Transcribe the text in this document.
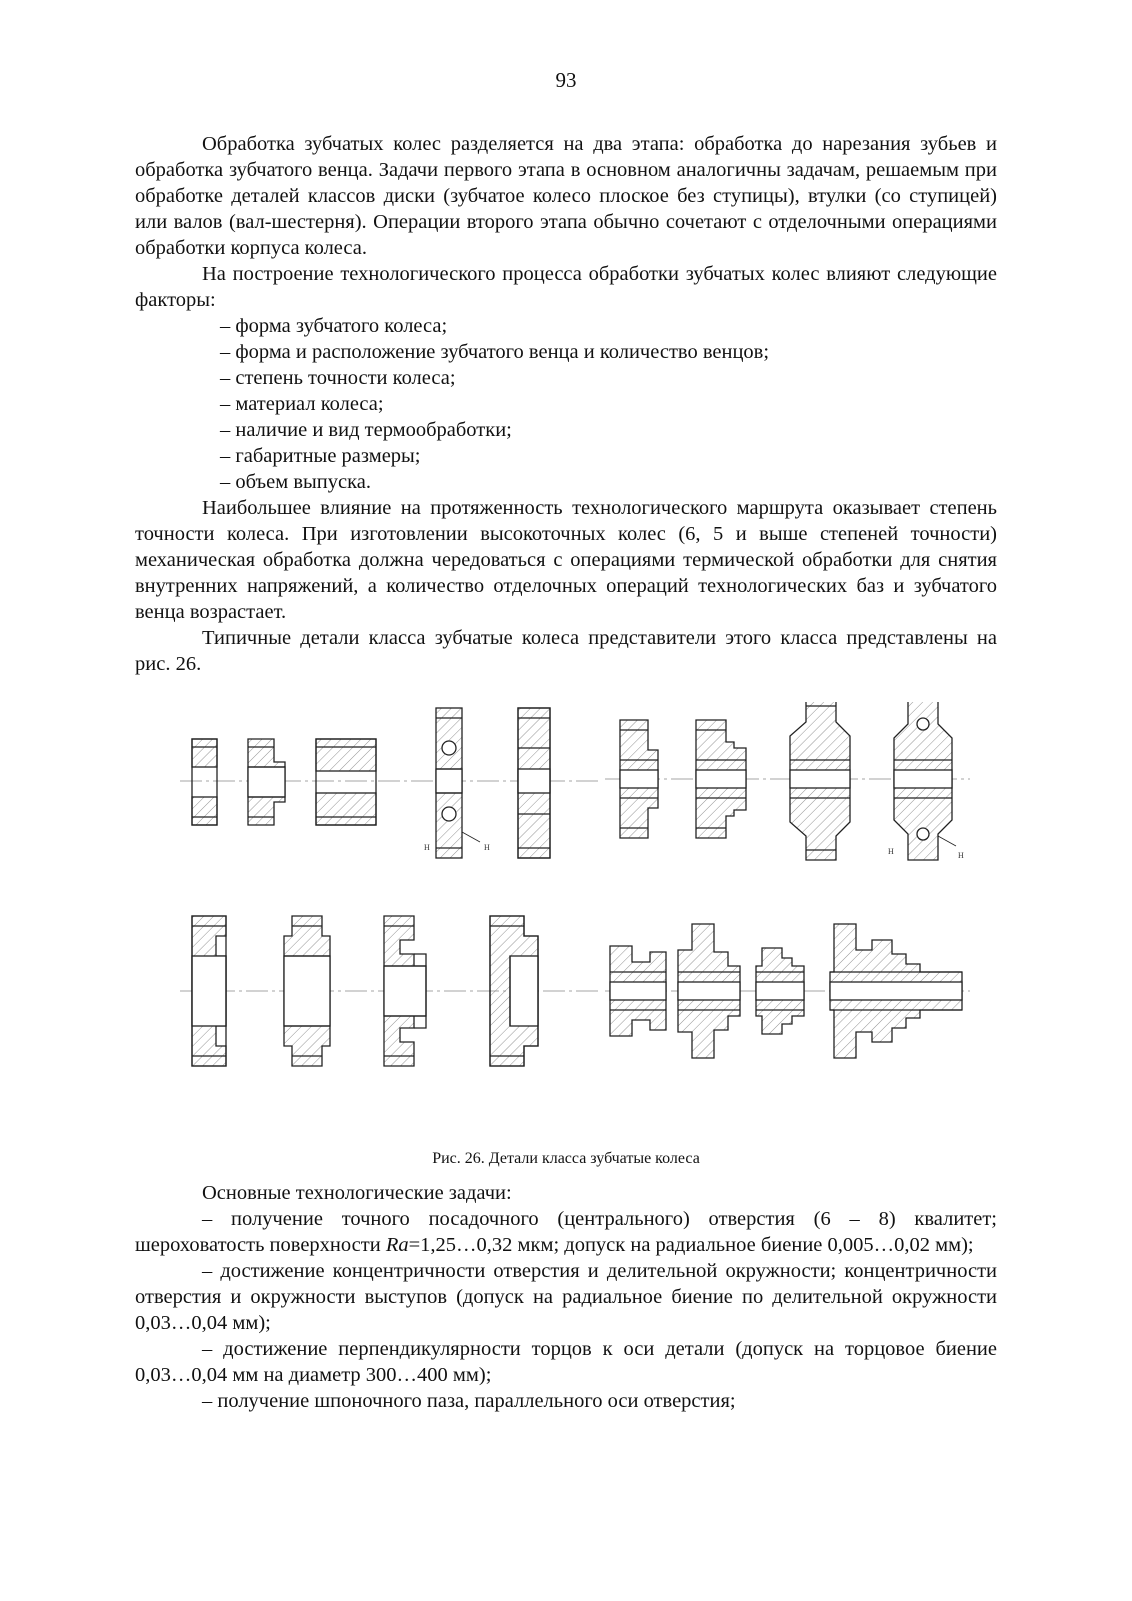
93

Обработка зубчатых колес разделяется на два этапа: обработка до нарезания зубьев и обработка зубчатого венца. Задачи первого этапа в основном аналогичны задачам, решаемым при обработке деталей классов диски (зубчатое колесо плоское без ступицы), втулки (со ступицей) или валов (вал-шестерня). Операции второго этапа обычно сочетают с отделочными операциями обработки корпуса колеса.

На построение технологического процесса обработки зубчатых колес влияют следующие факторы:

– форма зубчатого колеса;

– форма и расположение зубчатого венца и количество венцов;

– степень точности колеса;

– материал колеса;

– наличие и вид термообработки;

– габаритные размеры;

– объем выпуска.

Наибольшее влияние на протяженность технологического маршрута оказывает степень точности колеса. При изготовлении высокоточных колес (6, 5 и выше степеней точности) механическая обработка должна чередоваться с операциями термической обработки для снятия внутренних напряжений, а количество отделочных операций технологических баз и зубчатого венца возрастает.

Типичные детали класса зубчатые колеса представители этого класса представлены на рис. 26.

H	H	H	H
Рис. 26. Детали класса зубчатые колеса

Основные технологические задачи:

– получение точного посадочного (центрального) отверстия (6 – 8) квалитет; шероховатость поверхности Ra=1,25…0,32 мкм; допуск на радиальное биение 0,005…0,02 мм);

– достижение концентричности отверстия и делительной окружности; концентричности отверстия и окружности выступов (допуск на радиальное биение по делительной окружности 0,03…0,04 мм);

– достижение перпендикулярности торцов к оси детали (допуск на торцовое биение 0,03…0,04 мм на диаметр 300…400 мм);

– получение шпоночного паза, параллельного оси отверстия;
